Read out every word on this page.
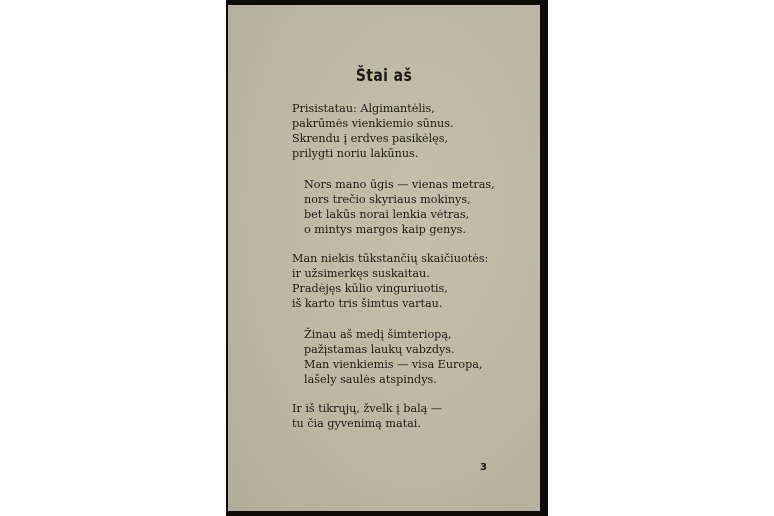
Štai aš
Prisistatau: Algimantėlis,
pakrūmės vienkiemio sūnus.
Skrendu į erdves pasikėlęs,
prilygti noriu lakūnus.
Nors mano ūgis — vienas metras,
nors trečio skyriaus mokinys,
bet lakūs norai lenkia vėtras,
o mintys margos kaip genys.
Man niekis tūkstančių skaičiuotės:
ir užsimerkęs suskaitau.
Pradėjęs kūlio vinguriuotis,
iš karto tris šimtus vartau.
Žinau aš medį šimteriopą,
pažįstamas laukų vabzdys.
Man vienkiemis — visa Europa,
lašely saulės atspindys.
Ir iš tikrųjų, žvelk į balą —
tu čia gyvenimą matai.
3
